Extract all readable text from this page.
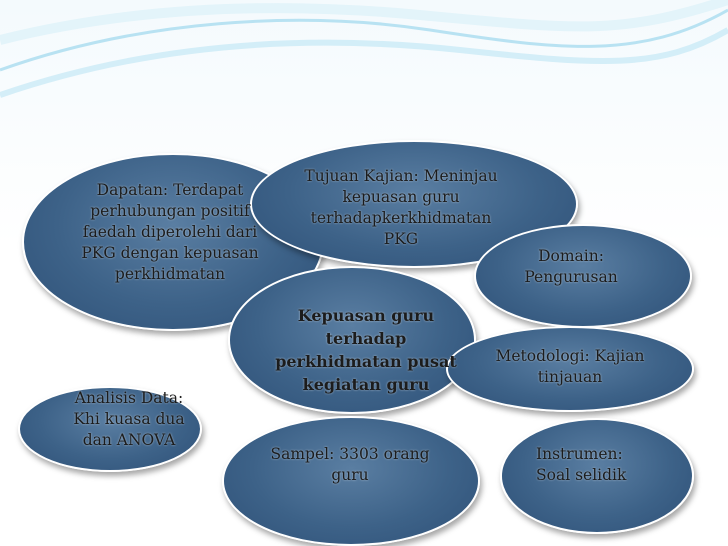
Dapatan: Terdapat
perhubungan positif
faedah diperolehi dari
PKG dengan kepuasan
perkhidmatan
Tujuan Kajian: Meninjau
kepuasan guru
terhadapkerkhidmatan
PKG
Domain:
Pengurusan
Kepuasan guru
terhadap
perkhidmatan pusat
kegiatan guru
Metodologi: Kajian
tinjauan
Analisis Data:
Khi kuasa dua
dan ANOVA
Sampel: 3303 orang
guru
Instrumen:
Soal selidik
